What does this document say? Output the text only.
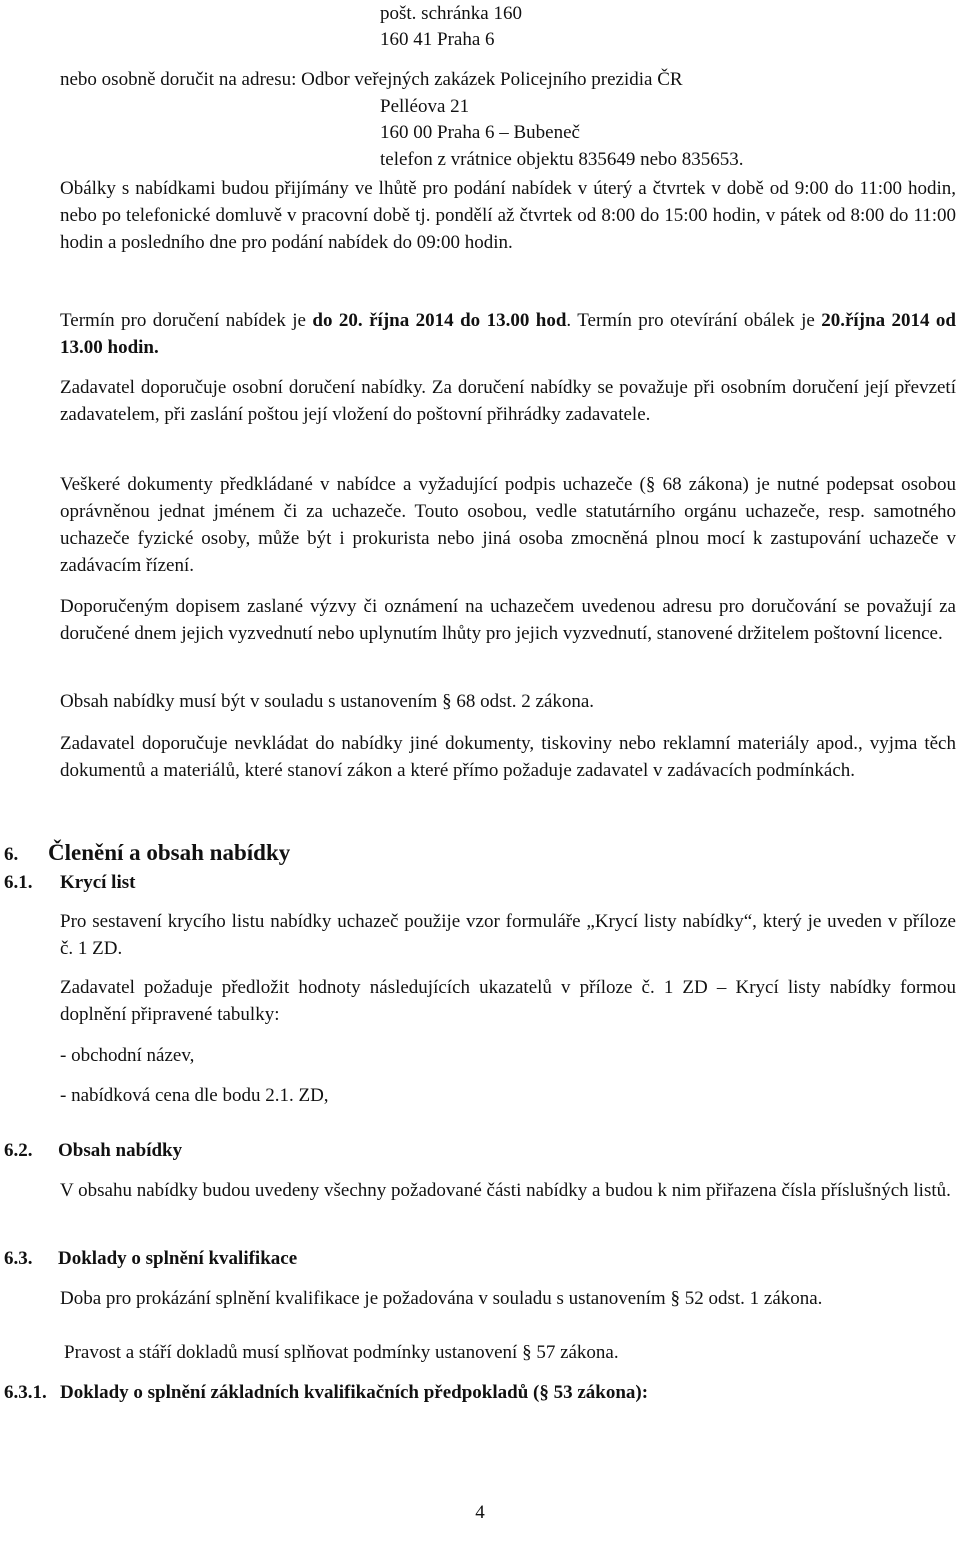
pošt. schránka 160
160 41 Praha 6
nebo osobně doručit na adresu: Odbor veřejných zakázek Policejního prezidia ČR
Pelléova 21
160 00 Praha 6 – Bubeneč
telefon z vrátnice objektu 835649 nebo 835653.
Obálky s nabídkami budou přijímány ve lhůtě pro podání nabídek v úterý a čtvrtek v době od 9:00 do 11:00 hodin, nebo po telefonické domluvě v pracovní době tj. pondělí až čtvrtek od 8:00 do 15:00 hodin, v pátek od 8:00 do 11:00 hodin a posledního dne pro podání nabídek do 09:00 hodin.
Termín pro doručení nabídek je do 20. října 2014 do 13.00 hod. Termín pro otevírání obálek je 20.října 2014 od 13.00 hodin.
Zadavatel doporučuje osobní doručení nabídky. Za doručení nabídky se považuje při osobním doručení její převzetí zadavatelem, při zaslání poštou její vložení do poštovní přihrádky zadavatele.
Veškeré dokumenty předkládané v nabídce a vyžadující podpis uchazeče (§ 68 zákona) je nutné podepsat osobou oprávněnou jednat jménem či za uchazeče. Touto osobou, vedle statutárního orgánu uchazeče, resp. samotného uchazeče fyzické osoby, může být i prokurista nebo jiná osoba zmocněná plnou mocí k zastupování uchazeče v zadávacím řízení.
Doporučeným dopisem zaslané výzvy či oznámení na uchazečem uvedenou adresu pro doručování se považují za doručené dnem jejich vyzvednutí nebo uplynutím lhůty pro jejich vyzvednutí, stanovené držitelem poštovní licence.
Obsah nabídky musí být v souladu s ustanovením § 68 odst. 2 zákona.
Zadavatel doporučuje nevkládat do nabídky jiné dokumenty, tiskoviny nebo reklamní materiály apod., vyjma těch dokumentů a materiálů, které stanoví zákon a které přímo požaduje zadavatel v zadávacích podmínkách.
6. Členění a obsah nabídky
6.1. Krycí list
Pro sestavení krycího listu nabídky uchazeč použije vzor formuláře „Krycí listy nabídky“, který je uveden v příloze č. 1 ZD.
Zadavatel požaduje předložit hodnoty následujících ukazatelů v příloze č. 1 ZD – Krycí listy nabídky formou doplnění připravené tabulky:
- obchodní název,
- nabídková cena dle bodu 2.1. ZD,
6.2. Obsah nabídky
V obsahu nabídky budou uvedeny všechny požadované části nabídky a budou k nim přiřazena čísla příslušných listů.
6.3. Doklady o splnění kvalifikace
Doba pro prokázání splnění kvalifikace je požadována v souladu s ustanovením § 52 odst. 1 zákona.
Pravost a stáří dokladů musí splňovat podmínky ustanovení § 57 zákona.
6.3.1. Doklady o splnění základních kvalifikačních předpokladů (§ 53 zákona):
4
